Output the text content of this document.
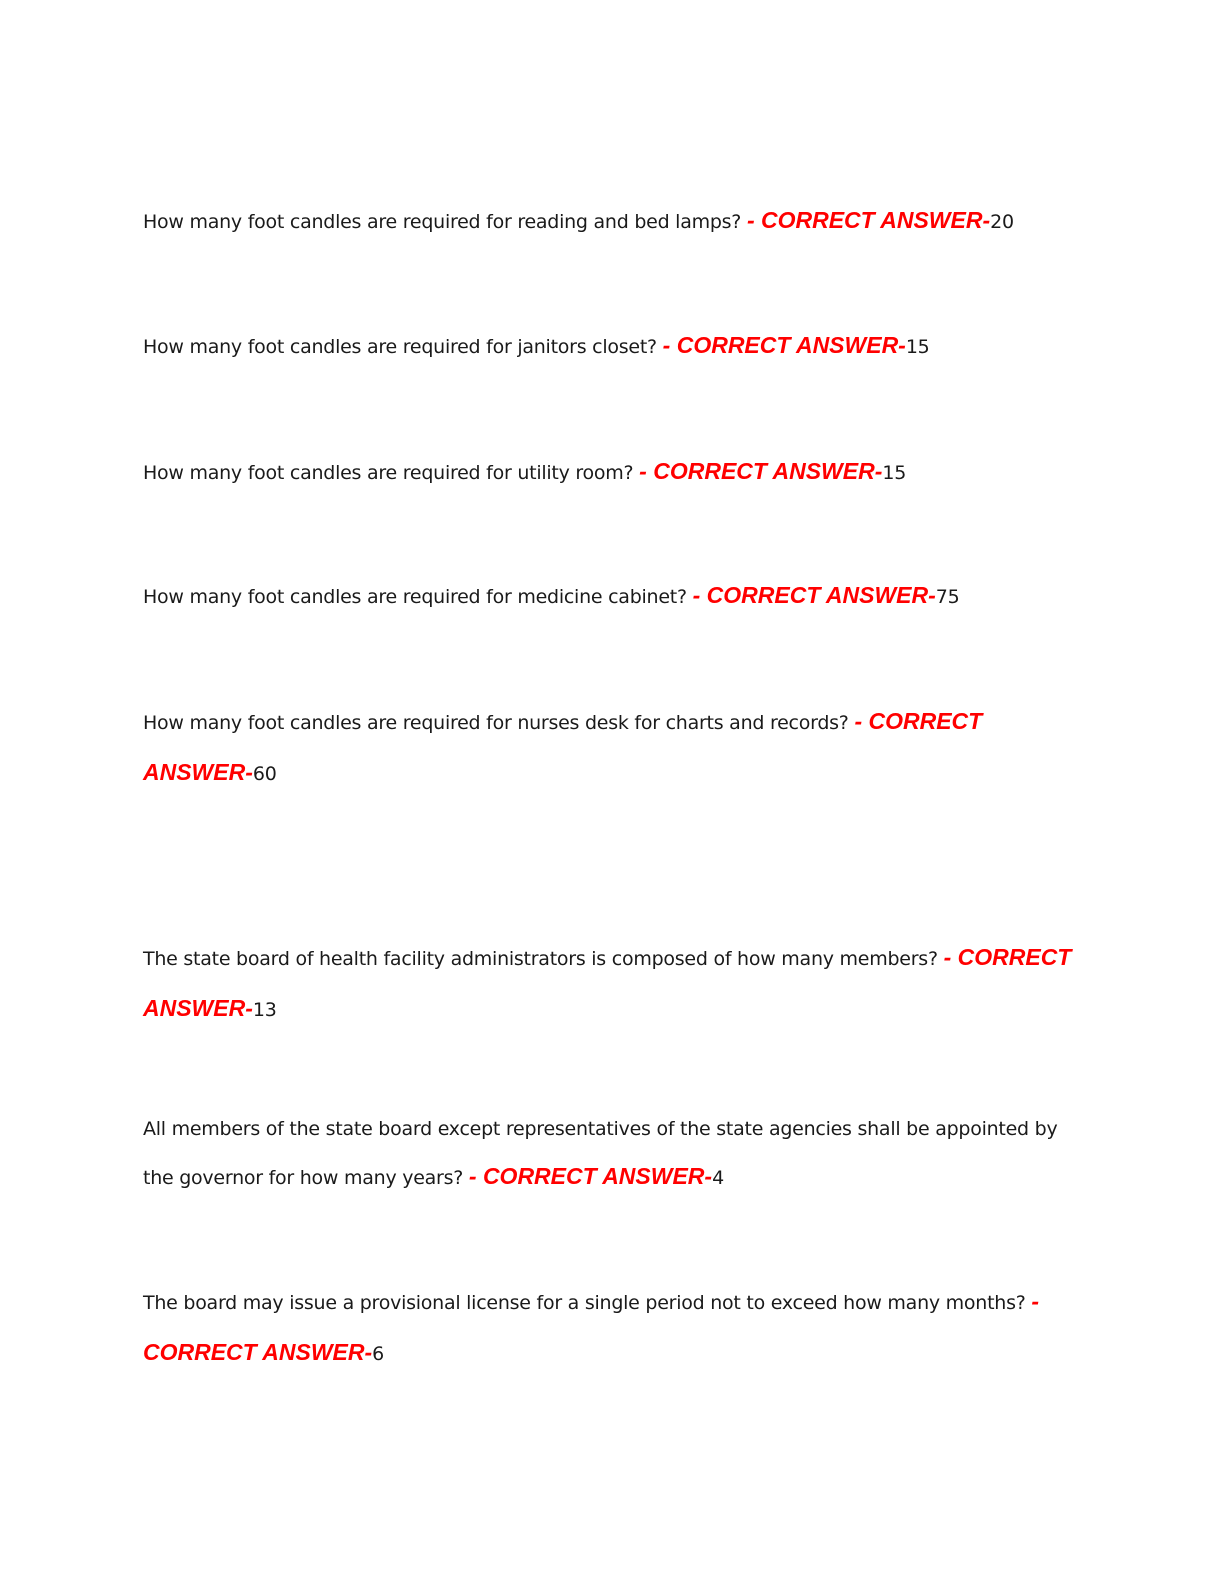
How many foot candles are required for reading and bed lamps? - CORRECT ANSWER-20

How many foot candles are required for janitors closet? - CORRECT ANSWER-15

How many foot candles are required for utility room? - CORRECT ANSWER-15

How many foot candles are required for medicine cabinet? - CORRECT ANSWER-75

How many foot candles are required for nurses desk for charts and records? - CORRECT ANSWER-60

The state board of health facility administrators is composed of how many members? - CORRECT ANSWER-13

All members of the state board except representatives of the state agencies shall be appointed by the governor for how many years? - CORRECT ANSWER-4

The board may issue a provisional license for a single period not to exceed how many months? - CORRECT ANSWER-6
